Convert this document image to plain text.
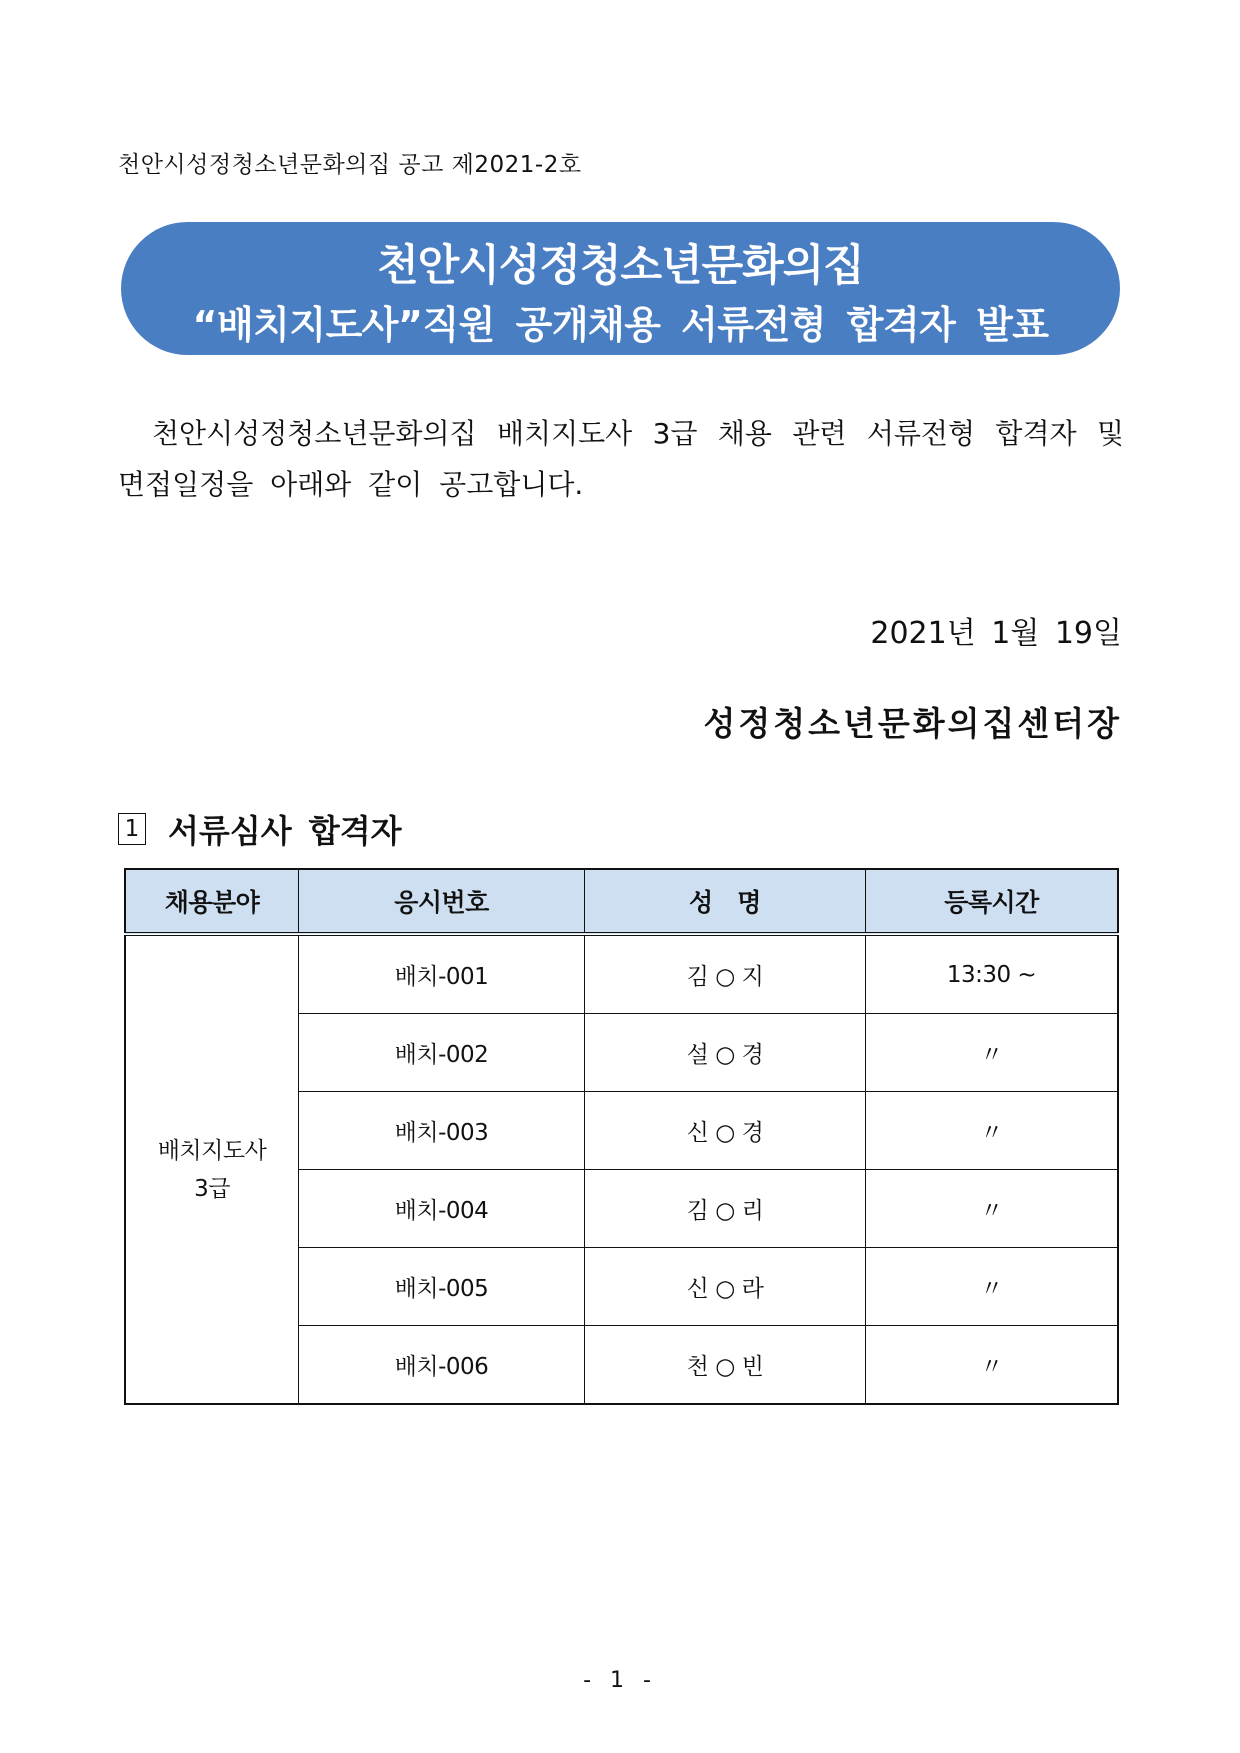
천안시성정청소년문화의집 공고 제2021-2호
천안시성정청소년문화의집
“배치지도사”직원 공개채용 서류전형 합격자 발표
천안시성정청소년문화의집 배치지도사 3급 채용 관련 서류전형 합격자 및 면접일정을 아래와 같이 공고합니다.
2021년 1월 19일
성정청소년문화의집센터장
1 서류심사 합격자
채용분야	응시번호	성   명	등록시간
배치지도사
3급	배치-001	김 ○ 지	13:30 ~
	배치-002	설 ○ 경	〃
	배치-003	신 ○ 경	〃
	배치-004	김 ○ 리	〃
	배치-005	신 ○ 라	〃
	배치-006	천 ○ 빈	〃
- 1 -
